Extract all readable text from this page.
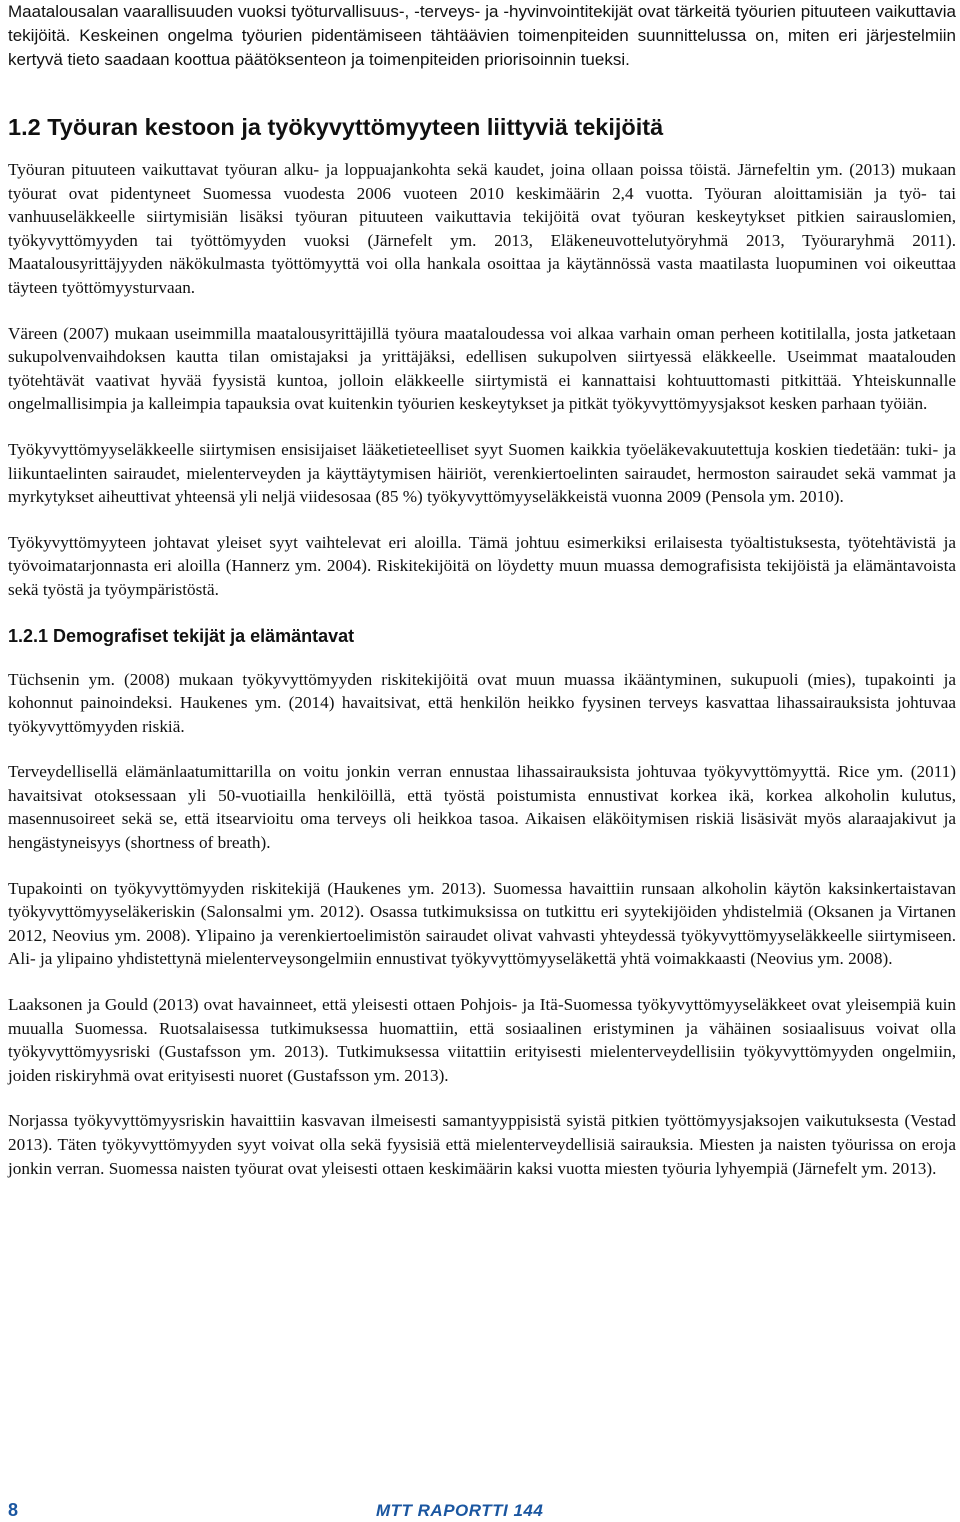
Maatalousalan vaarallisuuden vuoksi työturvallisuus-, -terveys- ja -hyvinvointitekijät ovat tärkeitä työurien pituuteen vaikuttavia tekijöitä. Keskeinen ongelma työurien pidentämiseen tähtäävien toimenpiteiden suunnittelussa on, miten eri järjestelmiin kertyvä tieto saadaan koottua päätöksenteon ja toimenpiteiden priorisoinnin tueksi.

1.2 Työuran kestoon ja työkyvyttömyyteen liittyviä tekijöitä

Työuran pituuteen vaikuttavat työuran alku- ja loppuajankohta sekä kaudet, joina ollaan poissa töistä. Järnefeltin ym. (2013) mukaan työurat ovat pidentyneet Suomessa vuodesta 2006 vuoteen 2010 keskimäärin 2,4 vuotta. Työuran aloittamisiän ja työ- tai vanhuuseläkkeelle siirtymisiän lisäksi työuran pituuteen vaikuttavia tekijöitä ovat työuran keskeytykset pitkien sairauslomien, työkyvyttömyyden tai työttömyyden vuoksi (Järnefelt ym. 2013, Eläkeneuvottelutyöryhmä 2013, Työuraryhmä 2011). Maatalousyrittäjyyden näkökulmasta työttömyyttä voi olla hankala osoittaa ja käytännössä vasta maatilasta luopuminen voi oikeuttaa täyteen työttömyysturvaan.

Väreen (2007) mukaan useimmilla maatalousyrittäjillä työura maataloudessa voi alkaa varhain oman perheen kotitilalla, josta jatketaan sukupolvenvaihdoksen kautta tilan omistajaksi ja yrittäjäksi, edellisen sukupolven siirtyessä eläkkeelle. Useimmat maatalouden työtehtävät vaativat hyvää fyysistä kuntoa, jolloin eläkkeelle siirtymistä ei kannattaisi kohtuuttomasti pitkittää. Yhteiskunnalle ongelmallisimpia ja kalleimpia tapauksia ovat kuitenkin työurien keskeytykset ja pitkät työkyvyttömyysjaksot kesken parhaan työiän.

Työkyvyttömyyseläkkeelle siirtymisen ensisijaiset lääketieteelliset syyt Suomen kaikkia työeläkevakuutettuja koskien tiedetään: tuki- ja liikuntaelinten sairaudet, mielenterveyden ja käyttäytymisen häiriöt, verenkiertoelinten sairaudet, hermoston sairaudet sekä vammat ja myrkytykset aiheuttivat yhteensä yli neljä viidesosaa (85 %) työkyvyttömyyseläkkeistä vuonna 2009 (Pensola ym. 2010).

Työkyvyttömyyteen johtavat yleiset syyt vaihtelevat eri aloilla. Tämä johtuu esimerkiksi erilaisesta työaltistuksesta, työtehtävistä ja työvoimatarjonnasta eri aloilla (Hannerz ym. 2004). Riskitekijöitä on löydetty muun muassa demografisista tekijöistä ja elämäntavoista sekä työstä ja työympäristöstä.

1.2.1 Demografiset tekijät ja elämäntavat

Tüchsenin ym. (2008) mukaan työkyvyttömyyden riskitekijöitä ovat muun muassa ikääntyminen, sukupuoli (mies), tupakointi ja kohonnut painoindeksi. Haukenes ym. (2014) havaitsivat, että henkilön heikko fyysinen terveys kasvattaa lihassairauksista johtuvaa työkyvyttömyyden riskiä.

Terveydellisellä elämänlaatumittarilla on voitu jonkin verran ennustaa lihassairauksista johtuvaa työkyvyttömyyttä. Rice ym. (2011) havaitsivat otoksessaan yli 50-vuotiailla henkilöillä, että työstä poistumista ennustivat korkea ikä, korkea alkoholin kulutus, masennusoireet sekä se, että itsearvioitu oma terveys oli heikkoa tasoa. Aikaisen eläköitymisen riskiä lisäsivät myös alaraajakivut ja hengästyneisyys (shortness of breath).

Tupakointi on työkyvyttömyyden riskitekijä (Haukenes ym. 2013). Suomessa havaittiin runsaan alkoholin käytön kaksinkertaistavan työkyvyttömyyseläkeriskin (Salonsalmi ym. 2012). Osassa tutkimuksissa on tutkittu eri syytekijöiden yhdistelmiä (Oksanen ja Virtanen 2012, Neovius ym. 2008). Ylipaino ja verenkiertoelimistön sairaudet olivat vahvasti yhteydessä työkyvyttömyyseläkkeelle siirtymiseen. Ali- ja ylipaino yhdistettynä mielenterveysongelmiin ennustivat työkyvyttömyyseläkettä yhtä voimakkaasti (Neovius ym. 2008).

Laaksonen ja Gould (2013) ovat havainneet, että yleisesti ottaen Pohjois- ja Itä-Suomessa työkyvyttömyyseläkkeet ovat yleisempiä kuin muualla Suomessa. Ruotsalaisessa tutkimuksessa huomattiin, että sosiaalinen eristyminen ja vähäinen sosiaalisuus voivat olla työkyvyttömyysriski (Gustafsson ym. 2013). Tutkimuksessa viitattiin erityisesti mielenterveydellisiin työkyvyttömyyden ongelmiin, joiden riskiryhmä ovat erityisesti nuoret (Gustafsson ym. 2013).

Norjassa työkyvyttömyysriskin havaittiin kasvavan ilmeisesti samantyyppisistä syistä pitkien työttömyysjaksojen vaikutuksesta (Vestad 2013). Täten työkyvyttömyyden syyt voivat olla sekä fyysisiä että mielenterveydellisiä sairauksia. Miesten ja naisten työurissa on eroja jonkin verran. Suomessa naisten työurat ovat yleisesti ottaen keskimäärin kaksi vuotta miesten työuria lyhyempiä (Järnefelt ym. 2013).

8	MTT RAPORTTI 144
